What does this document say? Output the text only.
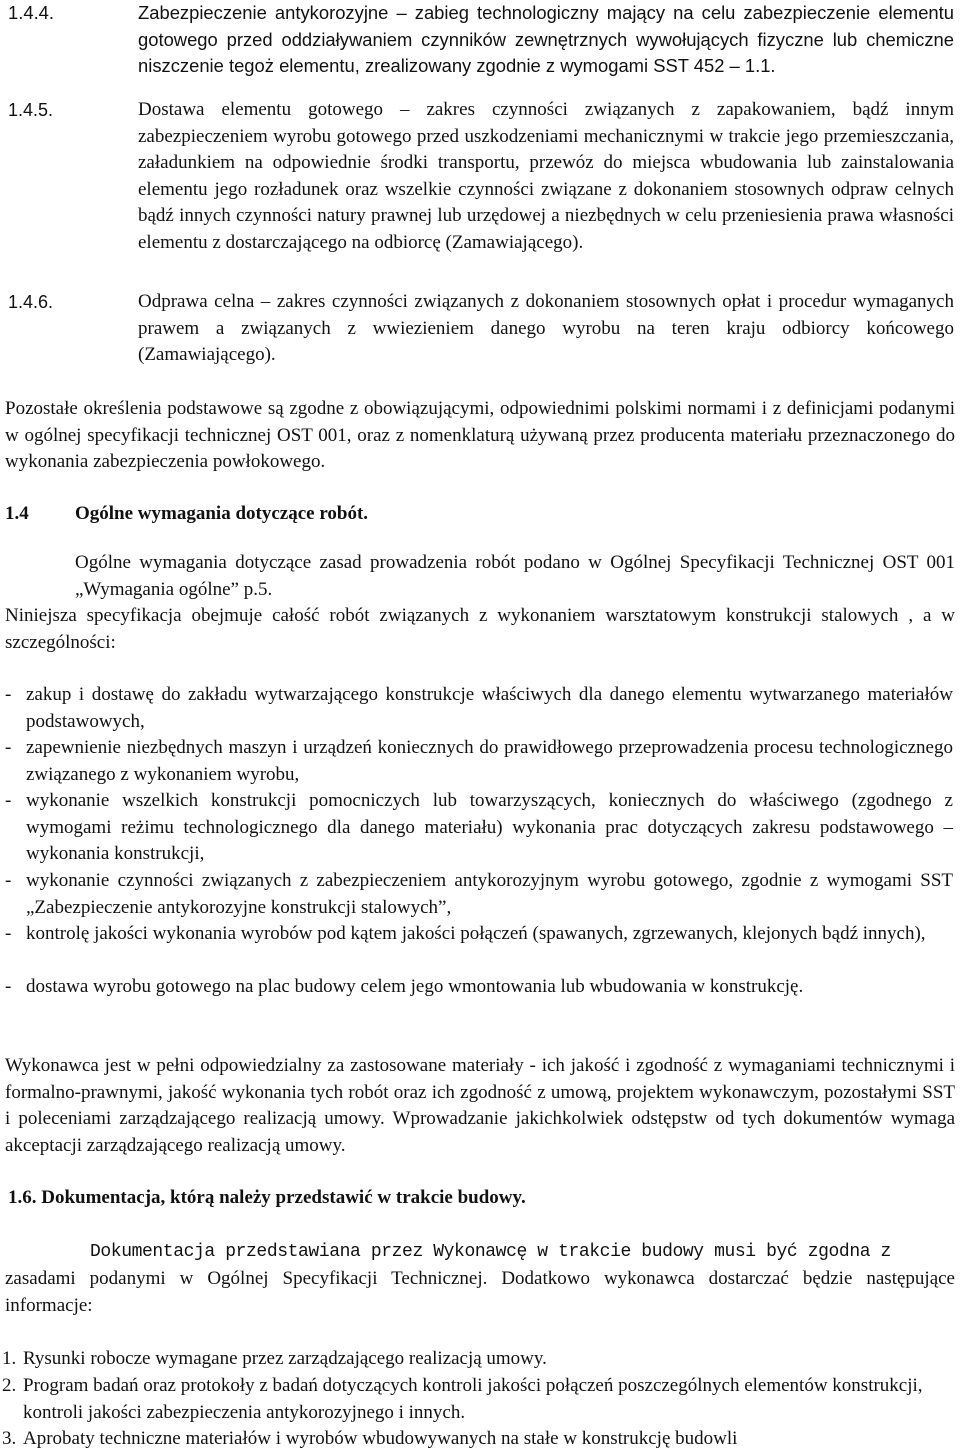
1.4.4.	Zabezpieczenie antykorozyjne – zabieg technologiczny mający na celu zabezpieczenie elementu gotowego przed oddziaływaniem czynników zewnętrznych wywołujących fizyczne lub chemiczne niszczenie tegoż elementu, zrealizowany zgodnie z wymogami SST 452 – 1.1.

1.4.5.	Dostawa elementu gotowego – zakres czynności związanych z zapakowaniem, bądź innym zabezpieczeniem wyrobu gotowego przed uszkodzeniami mechanicznymi w trakcie jego przemieszczania, załadunkiem na odpowiednie środki transportu, przewóz do miejsca wbudowania lub zainstalowania elementu jego rozładunek oraz wszelkie czynności związane z dokonaniem stosownych odpraw celnych bądź innych czynności natury prawnej lub urzędowej a niezbędnych w celu przeniesienia prawa własności elementu z dostarczającego na odbiorcę (Zamawiającego).

1.4.6.	Odprawa celna – zakres czynności związanych z dokonaniem stosownych opłat i procedur wymaganych prawem a związanych z wwiezieniem danego wyrobu na teren kraju odbiorcy końcowego (Zamawiającego).

Pozostałe określenia podstawowe są zgodne z obowiązującymi, odpowiednimi polskimi normami i z definicjami podanymi w ogólnej specyfikacji technicznej OST 001, oraz z nomenklaturą używaną przez producenta materiału przeznaczonego do wykonania zabezpieczenia powłokowego.

1.4 Ogólne wymagania dotyczące robót.

Ogólne wymagania dotyczące zasad prowadzenia robót podano w Ogólnej Specyfikacji Technicznej OST 001 „Wymagania ogólne” p.5.

Niniejsza specyfikacja obejmuje całość robót związanych z wykonaniem warsztatowym konstrukcji stalowych , a w szczególności:

- zakup i dostawę do zakładu wytwarzającego konstrukcje właściwych dla danego elementu wytwarzanego materiałów podstawowych,
- zapewnienie niezbędnych maszyn i urządzeń koniecznych do prawidłowego przeprowadzenia procesu technologicznego związanego z wykonaniem wyrobu,
- wykonanie wszelkich konstrukcji pomocniczych lub towarzyszących, koniecznych do właściwego (zgodnego z wymogami reżimu technologicznego dla danego materiału) wykonania prac dotyczących zakresu podstawowego – wykonania konstrukcji,
- wykonanie czynności związanych z zabezpieczeniem antykorozyjnym wyrobu gotowego, zgodnie z wymogami SST „Zabezpieczenie antykorozyjne konstrukcji stalowych”,
- kontrolę jakości wykonania wyrobów pod kątem jakości połączeń (spawanych, zgrzewanych, klejonych bądź innych),
- dostawa wyrobu gotowego na plac budowy celem jego wmontowania lub wbudowania w konstrukcję.

Wykonawca jest w pełni odpowiedzialny za zastosowane materiały - ich jakość i zgodność z wymaganiami technicznymi i formalno-prawnymi, jakość wykonania tych robót oraz ich zgodność z umową, projektem wykonawczym, pozostałymi SST i poleceniami zarządzającego realizacją umowy. Wprowadzanie jakichkolwiek odstępstw od tych dokumentów wymaga akceptacji zarządzającego realizacją umowy.

1.6. Dokumentacja, którą należy przedstawić w trakcie budowy.

Dokumentacja przedstawiana przez Wykonawcę w trakcie budowy musi być zgodna z

zasadami podanymi w Ogólnej Specyfikacji Technicznej. Dodatkowo wykonawca dostarczać będzie następujące informacje:

1. Rysunki robocze wymagane przez zarządzającego realizacją umowy.
2. Program badań oraz protokoły z badań dotyczących kontroli jakości połączeń poszczególnych elementów konstrukcji, kontroli jakości zabezpieczenia antykorozyjnego i innych.
3. Aprobaty techniczne materiałów i wyrobów wbudowywanych na stałe w konstrukcję budowli
